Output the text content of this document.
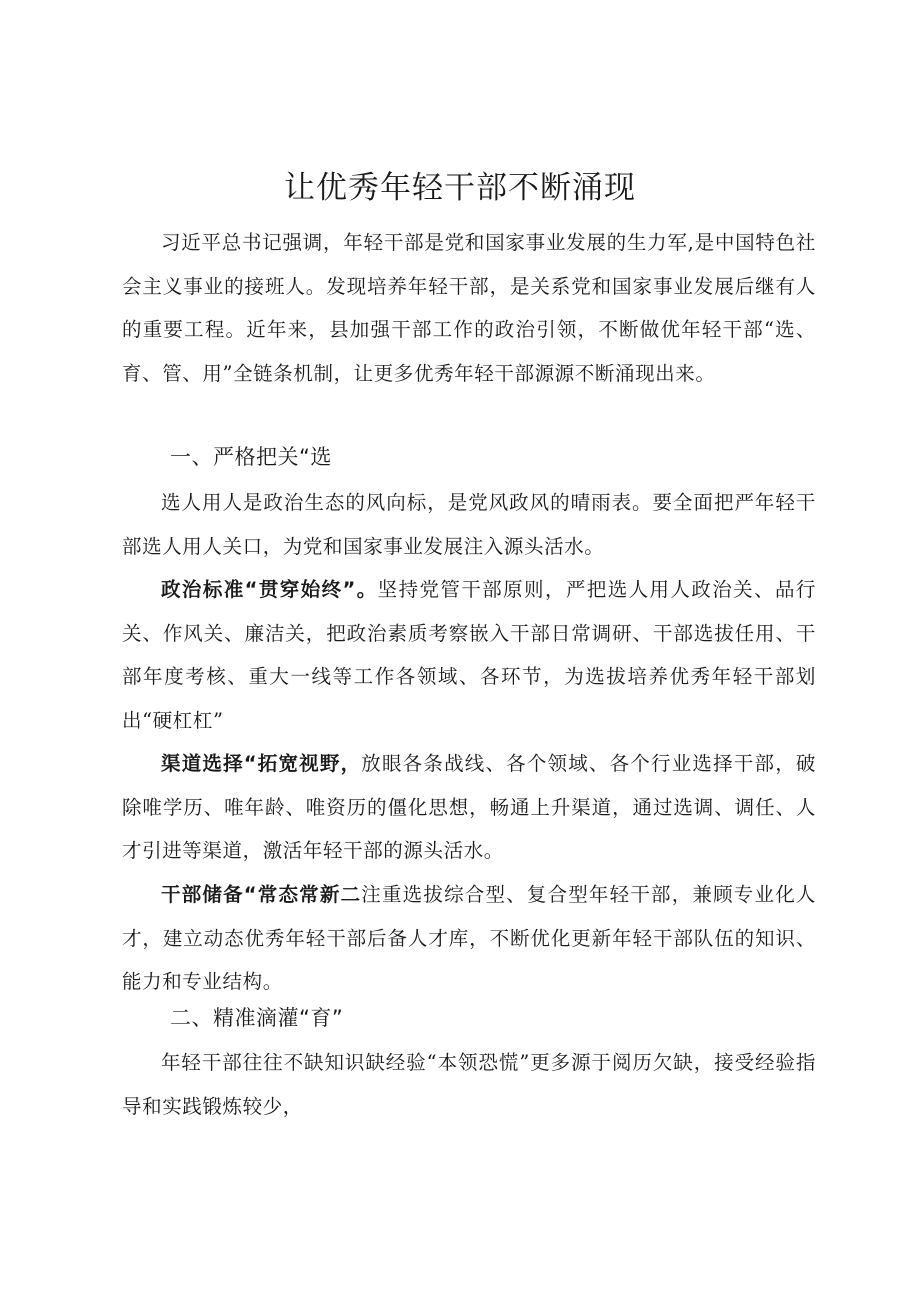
让优秀年轻干部不断涌现

习近平总书记强调，年轻干部是党和国家事业发展的生力军,是中国特色社会主义事业的接班人。发现培养年轻干部，是关系党和国家事业发展后继有人的重要工程。近年来，县加强干部工作的政治引领，不断做优年轻干部“选、育、管、用”全链条机制，让更多优秀年轻干部源源不断涌现出来。

一、严格把关“选

选人用人是政治生态的风向标，是党风政风的晴雨表。要全面把严年轻干部选人用人关口，为党和国家事业发展注入源头活水。

政治标准“贯穿始终”。坚持党管干部原则，严把选人用人政治关、品行关、作风关、廉洁关，把政治素质考察嵌入干部日常调研、干部选拔任用、干部年度考核、重大一线等工作各领域、各环节，为选拔培养优秀年轻干部划出“硬杠杠”

渠道选择“拓宽视野，放眼各条战线、各个领域、各个行业选择干部，破除唯学历、唯年龄、唯资历的僵化思想，畅通上升渠道，通过选调、调任、人才引进等渠道，激活年轻干部的源头活水。

干部储备“常态常新二注重选拔综合型、复合型年轻干部，兼顾专业化人才，建立动态优秀年轻干部后备人才库，不断优化更新年轻干部队伍的知识、能力和专业结构。

二、精准滴灌“育”

年轻干部往往不缺知识缺经验“本领恐慌”更多源于阅历欠缺，接受经验指导和实践锻炼较少，
